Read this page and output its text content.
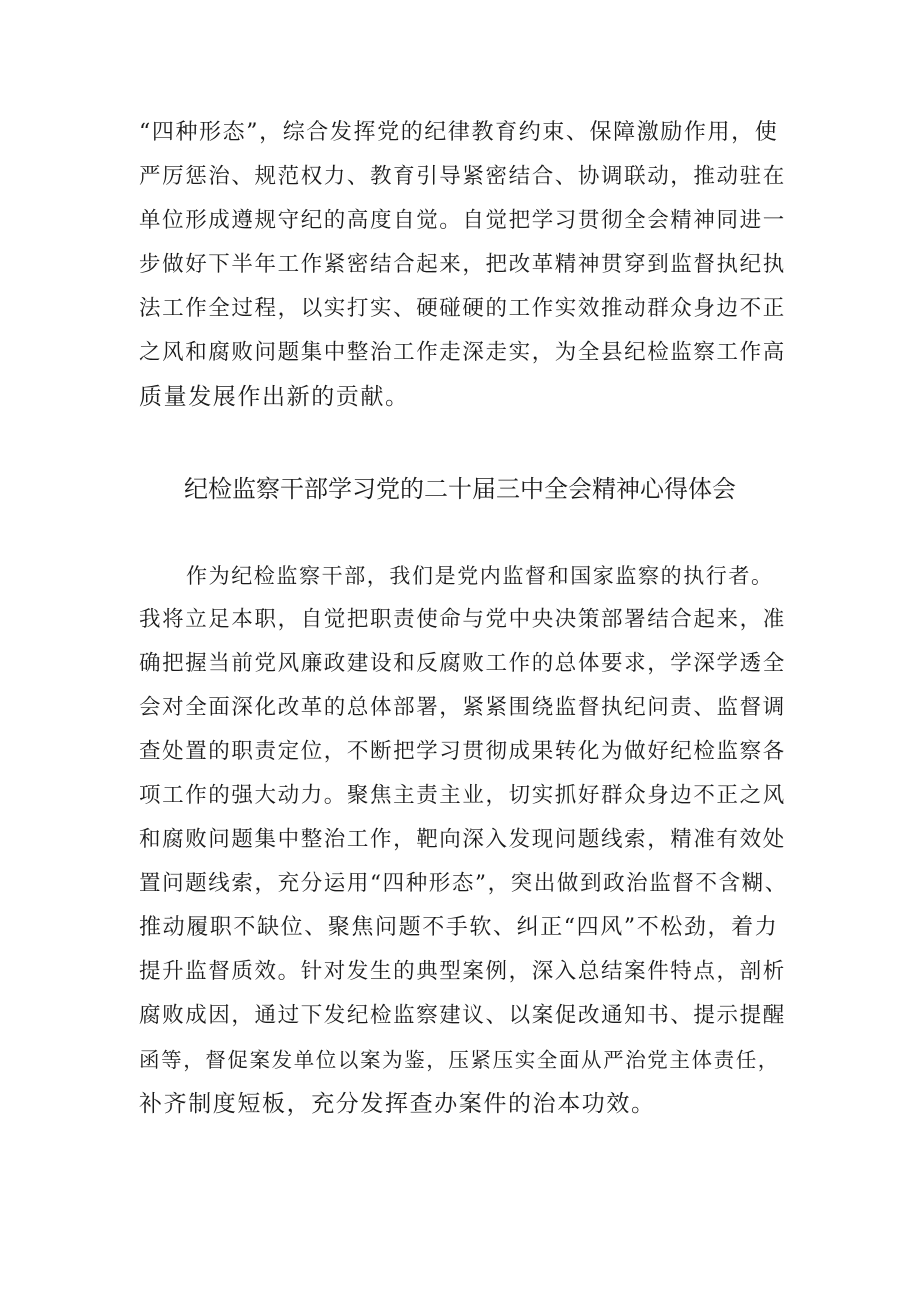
“四种形态”，综合发挥党的纪律教育约束、保障激励作用，使
严厉惩治、规范权力、教育引导紧密结合、协调联动，推动驻在
单位形成遵规守纪的高度自觉。自觉把学习贯彻全会精神同进一
步做好下半年工作紧密结合起来，把改革精神贯穿到监督执纪执
法工作全过程，以实打实、硬碰硬的工作实效推动群众身边不正
之风和腐败问题集中整治工作走深走实，为全县纪检监察工作高
质量发展作出新的贡献。
纪检监察干部学习党的二十届三中全会精神心得体会
作为纪检监察干部，我们是党内监督和国家监察的执行者。
我将立足本职，自觉把职责使命与党中央决策部署结合起来，准
确把握当前党风廉政建设和反腐败工作的总体要求，学深学透全
会对全面深化改革的总体部署，紧紧围绕监督执纪问责、监督调
查处置的职责定位，不断把学习贯彻成果转化为做好纪检监察各
项工作的强大动力。聚焦主责主业，切实抓好群众身边不正之风
和腐败问题集中整治工作，靶向深入发现问题线索，精准有效处
置问题线索，充分运用“四种形态”，突出做到政治监督不含糊、
推动履职不缺位、聚焦问题不手软、纠正“四风”不松劲，着力
提升监督质效。针对发生的典型案例，深入总结案件特点，剖析
腐败成因，通过下发纪检监察建议、以案促改通知书、提示提醒
函等，督促案发单位以案为鉴，压紧压实全面从严治党主体责任，
补齐制度短板，充分发挥查办案件的治本功效。
